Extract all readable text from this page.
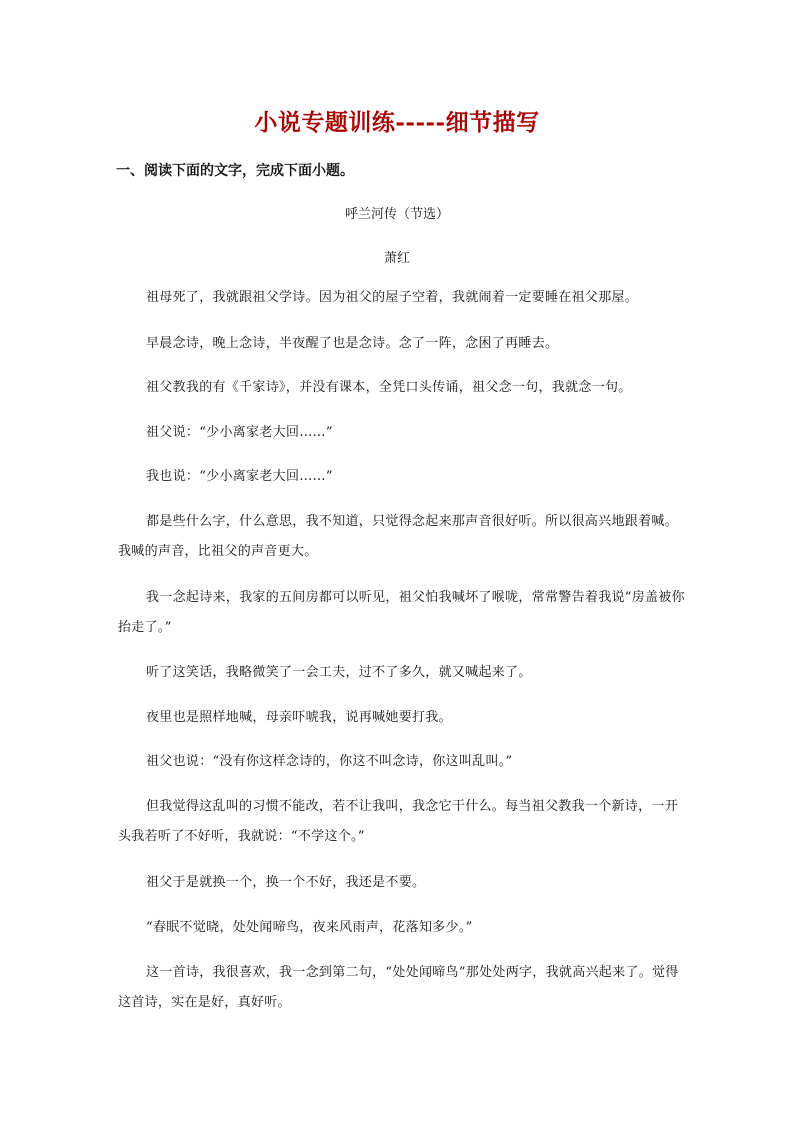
小说专题训练-----细节描写
一、阅读下面的文字，完成下面小题。
呼兰河传（节选）
萧红

祖母死了，我就跟祖父学诗。因为祖父的屋子空着，我就闹着一定要睡在祖父那屋。

早晨念诗，晚上念诗，半夜醒了也是念诗。念了一阵，念困了再睡去。

祖父教我的有《千家诗》，并没有课本，全凭口头传诵，祖父念一句，我就念一句。

祖父说：“少小离家老大回……”

我也说：“少小离家老大回……”

都是些什么字，什么意思，我不知道，只觉得念起来那声音很好听。所以很高兴地跟着喊。我喊的声音，比祖父的声音更大。

我一念起诗来，我家的五间房都可以听见，祖父怕我喊坏了喉咙，常常警告着我说“房盖被你抬走了。”

听了这笑话，我略微笑了一会工夫，过不了多久，就又喊起来了。

夜里也是照样地喊，母亲吓唬我，说再喊她要打我。

祖父也说：“没有你这样念诗的，你这不叫念诗，你这叫乱叫。”

但我觉得这乱叫的习惯不能改，若不让我叫，我念它干什么。每当祖父教我一个新诗，一开头我若听了不好听，我就说：“不学这个。”

祖父于是就换一个，换一个不好，我还是不要。

“春眠不觉晓，处处闻啼鸟，夜来风雨声，花落知多少。”

这一首诗，我很喜欢，我一念到第二句，“处处闻啼鸟”那处处两字，我就高兴起来了。觉得这首诗，实在是好，真好听。
